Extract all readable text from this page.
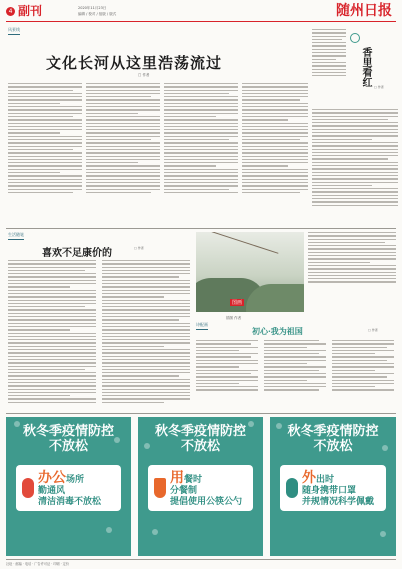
4 副刊	2020年11月23日
编辑 / 校对 / 组版 / 版式	随州日报
风景线
文化长河从这里浩荡流过
□ 作者	香里看红	□ 作者
生活随笔
喜欢不足康价的	□ 作者
图画
插图 作者
诗配画
初心·我为祖国	□ 作者
秋冬季疫情防控
不放松
办公场所
勤通风
清洁消毒不放松
秋冬季疫情防控
不放松
用餐时
分餐制
提倡使用公筷公勺
秋冬季疫情防控
不放松
外出时
随身携带口罩
并规情况科学佩戴
社址 · 邮编 · 电话 · 广告许可证 · 印刷 · 定价
